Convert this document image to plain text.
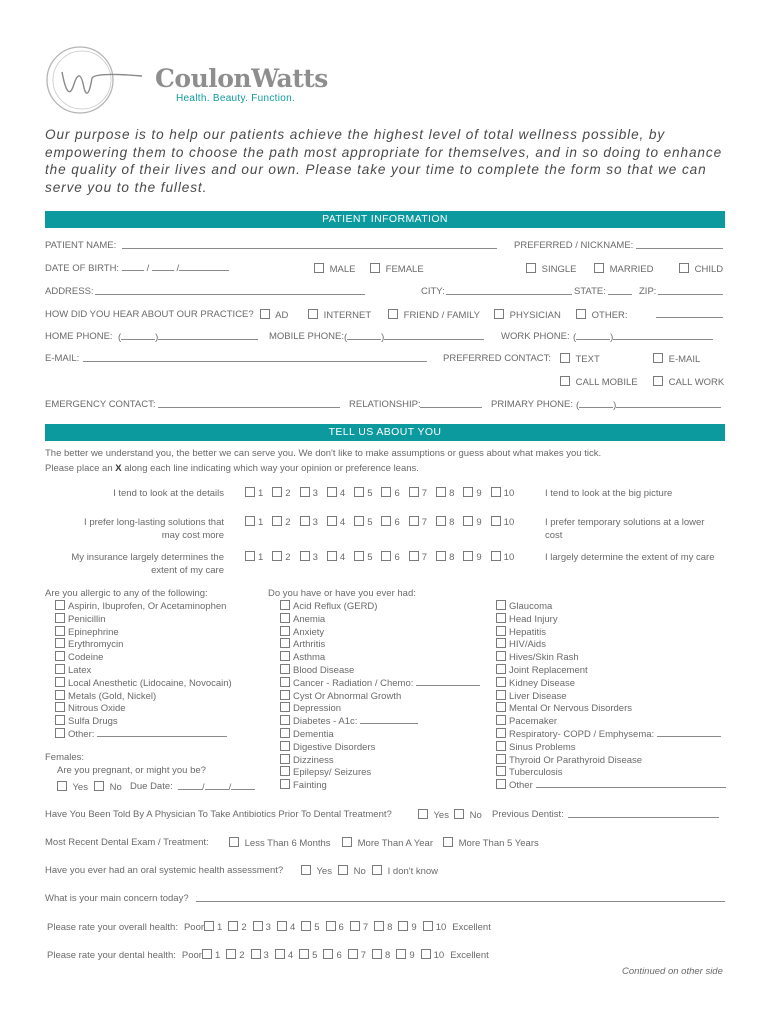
CoulonWatts
Health. Beauty. Function.
Our purpose is to help our patients achieve the highest level of total wellness possible, by empowering them to choose the path most appropriate for themselves, and in so doing to enhance the quality of their lives and our own. Please take your time to complete the form so that we can serve you to the fullest.
PATIENT INFORMATION
PATIENT NAME:	PREFERRED / NICKNAME:
DATE OF BIRTH:	/  /	MALE	FEMALE	SINGLE	MARRIED	CHILD
ADDRESS:	CITY:	STATE:	ZIP:
HOW DID YOU HEAR ABOUT OUR PRACTICE?	AD	INTERNET	FRIEND / FAMILY	PHYSICIAN	OTHER:
HOME PHONE: (	)	MOBILE PHONE: (	)	WORK PHONE: (	)
E-MAIL:	PREFERRED CONTACT:	TEXT	E-MAIL
CALL MOBILE	CALL WORK
EMERGENCY CONTACT:	RELATIONSHIP:	PRIMARY PHONE: (	)
TELL US ABOUT YOU
The better we understand you, the better we can serve you. We don't like to make assumptions or guess about what makes you tick.
Please place an X along each line indicating which way your opinion or preference leans.
I tend to look at the details	1 2 3 4 5 6 7 8 9 10	I tend to look at the big picture
I prefer long-lasting solutions that
may cost more
1 2 3 4 5 6 7 8 9 10	I prefer temporary solutions at a lower
cost
My insurance largely determines the
extent of my care
1 2 3 4 5 6 7 8 9 10	I largely determine the extent of my care
Are you allergic to any of the following:
Aspirin, Ibuprofen, Or Acetaminophen
Penicillin
Epinephrine
Erythromycin
Codeine
Latex
Local Anesthetic (Lidocaine, Novocain)
Metals (Gold, Nickel)
Nitrous Oxide
Sulfa Drugs
Other:
Females:
Are you pregnant, or might you be?
Yes	No Due Date:	/	/
Do you have or have you ever had:
Acid Reflux (GERD)
Anemia
Anxiety
Arthritis
Asthma
Blood Disease
Cancer - Radiation / Chemo:
Cyst Or Abnormal Growth
Depression
Diabetes - A1c:
Dementia
Digestive Disorders
Dizziness
Epilepsy/ Seizures
Fainting
Glaucoma
Head Injury
Hepatitis
HIV/Aids
Hives/Skin Rash
Joint Replacement
Kidney Disease
Liver Disease
Mental Or Nervous Disorders
Pacemaker
Respiratory- COPD / Emphysema:
Sinus Problems
Thyroid Or Parathyroid Disease
Tuberculosis
Other
Have You Been Told By A Physician To Take Antibiotics Prior To Dental Treatment?	Yes	No Previous Dentist:
Most Recent Dental Exam / Treatment:	Less Than 6 Months	More Than A Year	More Than 5 Years
Have you ever had an oral systemic health assessment?	Yes	No	I don't know
What is your main concern today?
Please rate your overall health: Poor 1 2 3 4 5 6 7 8 9 10 Excellent
Please rate your dental health: Poor 1 2 3 4 5 6 7 8 9 10 Excellent
Continued on other side
